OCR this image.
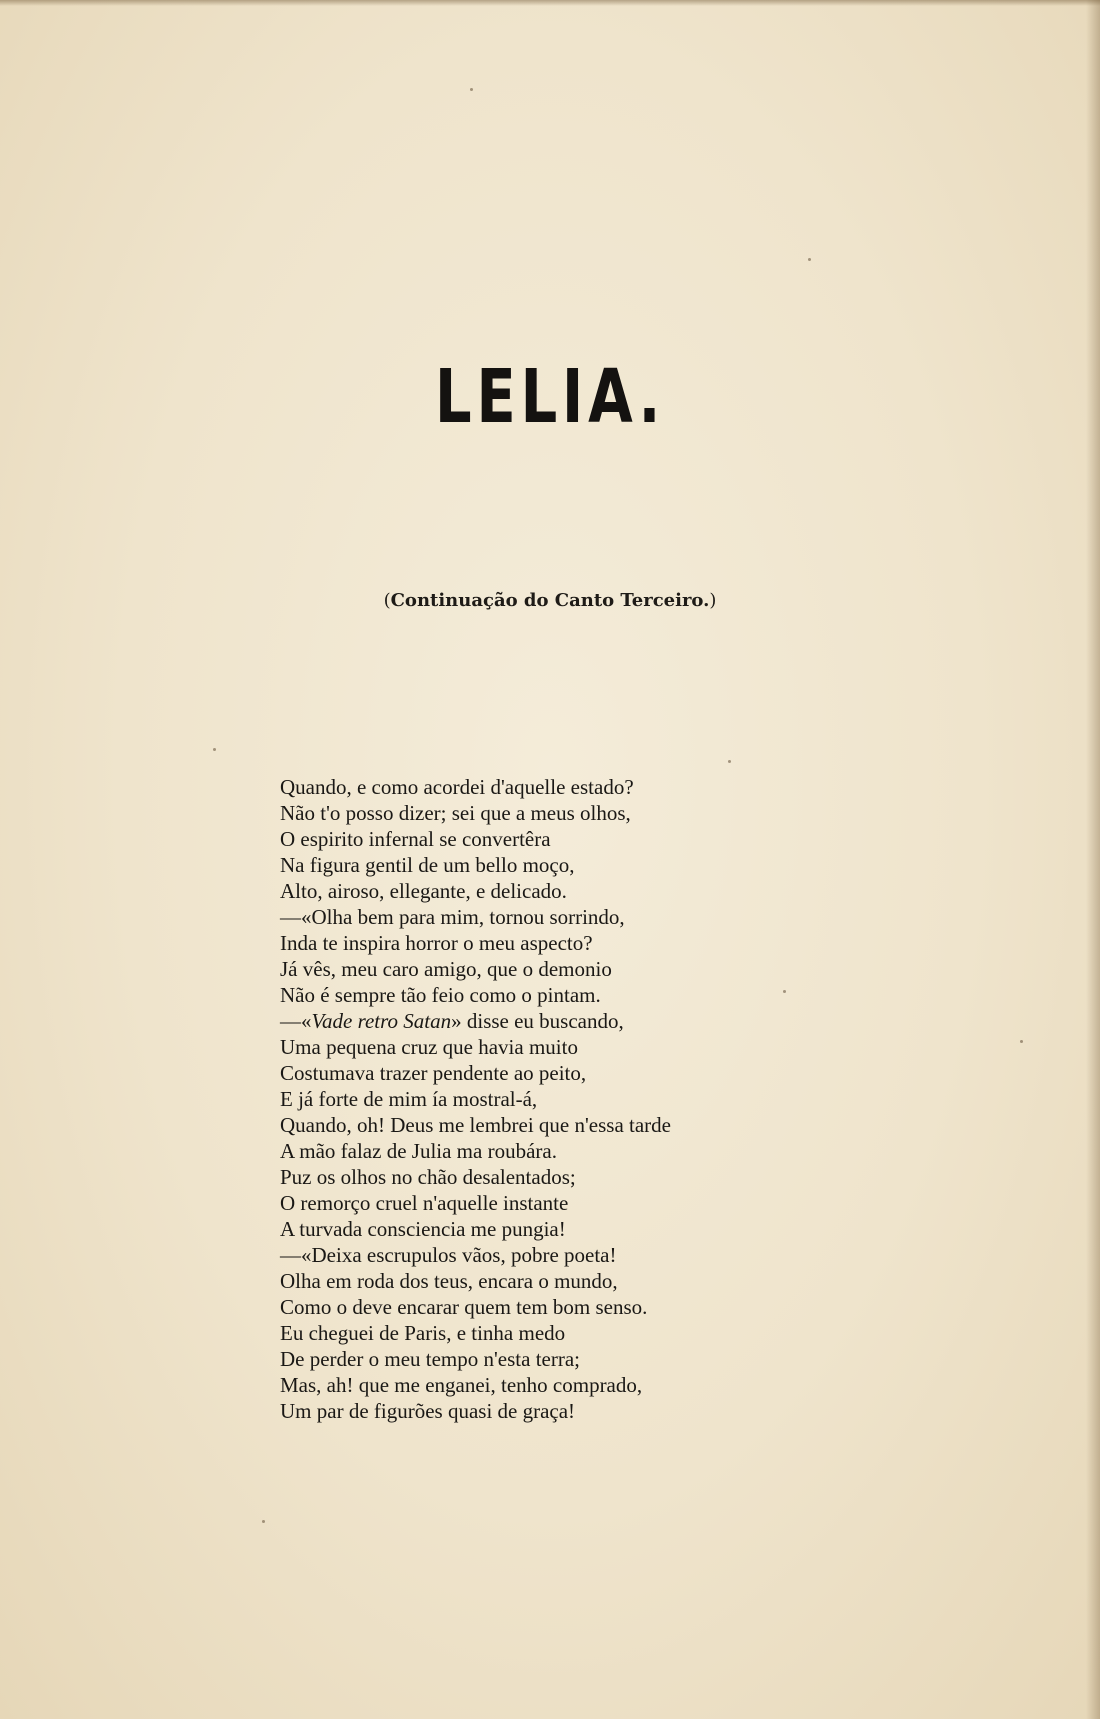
LELIA.
(Continuação do Canto Terceiro.)
Quando, e como acordei d'aquelle estado?
Não t'o posso dizer; sei que a meus olhos,
O espirito infernal se convertêra
Na figura gentil de um bello moço,
Alto, airoso, ellegante, e delicado.
—«Olha bem para mim, tornou sorrindo,
Inda te inspira horror o meu aspecto?
Já vês, meu caro amigo, que o demonio
Não é sempre tão feio como o pintam.
—«Vade retro Satan» disse eu buscando,
Uma pequena cruz que havia muito
Costumava trazer pendente ao peito,
E já forte de mim ía mostral-á,
Quando, oh! Deus me lembrei que n'essa tarde
A mão falaz de Julia ma roubára.
Puz os olhos no chão desalentados;
O remorço cruel n'aquelle instante
A turvada consciencia me pungia!
—«Deixa escrupulos vãos, pobre poeta!
Olha em roda dos teus, encara o mundo,
Como o deve encarar quem tem bom senso.
Eu cheguei de Paris, e tinha medo
De perder o meu tempo n'esta terra;
Mas, ah! que me enganei, tenho comprado,
Um par de figurões quasi de graça!
